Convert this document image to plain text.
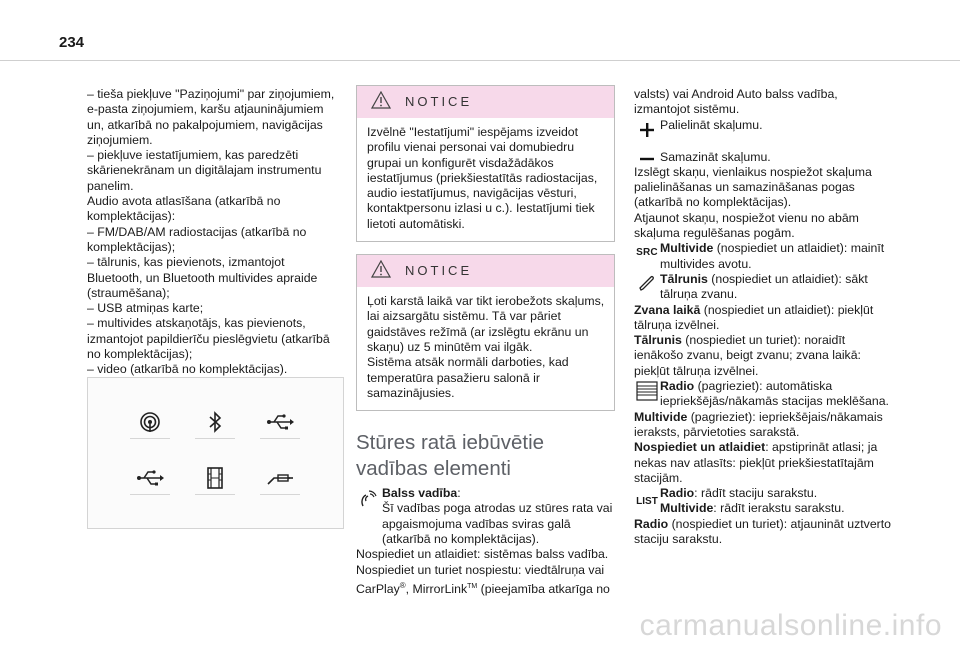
234

– tieša piekļuve "Paziņojumi" par ziņojumiem, e-pasta ziņojumiem, karšu atjauninājumiem un, atkarībā no pakalpojumiem, navigācijas ziņojumiem.

– piekļuve iestatījumiem, kas paredzēti skārienekrānam un digitālajam instrumentu panelim.

Audio avota atlasīšana (atkarībā no komplektācijas):

– FM/DAB/AM radiostacijas (atkarībā no komplektācijas);

– tālrunis, kas pievienots, izmantojot Bluetooth, un Bluetooth multivides apraide (straumēšana);

– USB atmiņas karte;

– multivides atskaņotājs, kas pievienots, izmantojot papildierīču pieslēgvietu (atkarībā no komplektācijas);

– video (atkarībā no komplektācijas).

NOTICE
Izvēlnē "Iestatījumi" iespējams izveidot profilu vienai personai vai domubiedru grupai un konfigurēt visdažādākos iestatījumus (priekšiestatītās radiostacijas, audio iestatījumus, navigācijas vēsturi, kontaktpersonu izlasi u c.). Iestatījumi tiek lietoti automātiski.
NOTICE

Ļoti karstā laikā var tikt ierobežots skaļums, lai aizsargātu sistēmu. Tā var pāriet gaidstāves režīmā (ar izslēgtu ekrānu un skaņu) uz 5 minūtēm vai ilgāk.

Sistēma atsāk normāli darboties, kad temperatūra pasažieru salonā ir samazinājusies.

Stūres ratā iebūvētie vadības elementi
Balss vadība:

Šī vadības poga atrodas uz stūres rata vai apgaismojuma vadības sviras galā (atkarībā no komplektācijas).

Nospiediet un atlaidiet: sistēmas balss vadība.

Nospiediet un turiet nospiestu: viedtālruņa vai CarPlay®, MirrorLink™ (pieejamība atkarīga no

valsts) vai Android Auto balss vadība, izmantojot sistēmu.

Palielināt skaļumu.
Samazināt skaļumu.

Izslēgt skaņu, vienlaikus nospiežot skaļuma palielināšanas un samazināšanas pogas (atkarībā no komplektācijas).

Atjaunot skaņu, nospiežot vienu no abām skaļuma regulēšanas pogām.

SRC Multivide (nospiediet un atlaidiet): mainīt multivides avotu.
Tālrunis (nospiediet un atlaidiet): sākt tālruņa zvanu.

Zvana laikā (nospiediet un atlaidiet): piekļūt tālruņa izvēlnei.

Tālrunis (nospiediet un turiet): noraidīt ienākošo zvanu, beigt zvanu; zvana laikā: piekļūt tālruņa izvēlnei.

Radio (pagrieziet): automātiska iepriekšējās/nākamās stacijas meklēšana.

Multivide (pagrieziet): iepriekšējais/nākamais ieraksts, pārvietoties sarakstā.

Nospiediet un atlaidiet: apstiprināt atlasi; ja nekas nav atlasīts: piekļūt priekšiestatītajām stacijām.

LIST

Radio: rādīt staciju sarakstu.

Multivide: rādīt ierakstu sarakstu.

Radio (nospiediet un turiet): atjaunināt uztverto staciju sarakstu.

carmanualsonline.info
